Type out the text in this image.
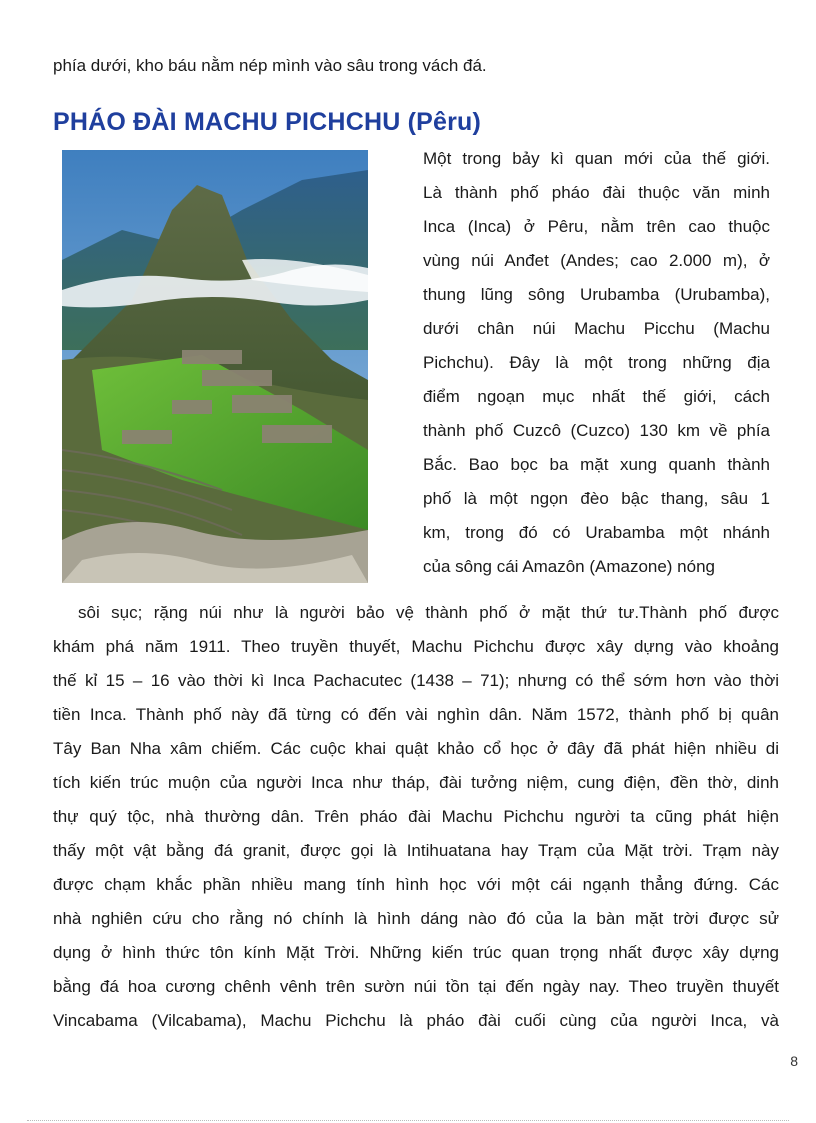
phía dưới, kho báu nằm nép mình vào sâu trong vách đá.
PHÁO ĐÀI MACHU PICHCHU (Pêru)
Một trong bảy kì quan mới của thế giới.
Là thành phố pháo đài thuộc văn minh
Inca (Inca) ở Pêru, nằm trên cao thuộc
vùng núi Anđet (Andes; cao 2.000 m), ở
thung lũng sông Urubamba (Urubamba),
dưới chân núi Machu Picchu (Machu
Pichchu). Đây là một trong những địa
điểm ngoạn mục nhất thế giới, cách
thành phố Cuzcô (Cuzco) 130 km về phía
Bắc. Bao bọc ba mặt xung quanh thành
phố là một ngọn đèo bậc thang, sâu 1
km, trong đó có Urabamba một nhánh
của sông cái Amazôn (Amazone) nóng
sôi sục; rặng núi như là người bảo vệ thành phố ở mặt thứ tư.Thành phố được
khám phá năm 1911. Theo truyền thuyết, Machu Pichchu được xây dựng vào khoảng
thế kỉ 15 – 16 vào thời kì Inca Pachacutec (1438 – 71); nhưng có thể sớm hơn vào thời
tiền Inca. Thành phố này đã từng có đến vài nghìn dân. Năm 1572, thành phố bị quân
Tây Ban Nha xâm chiếm. Các cuộc khai quật khảo cổ học ở đây đã phát hiện nhiều di
tích kiến trúc muộn của người Inca như tháp, đài tưởng niệm, cung điện, đền thờ, dinh
thự quý tộc, nhà thường dân. Trên pháo đài Machu Pichchu người ta cũng phát hiện
thấy một vật bằng đá granit, được gọi là Intihuatana hay Trạm của Mặt trời. Trạm này
được chạm khắc phần nhiều mang tính hình học với một cái ngạnh thẳng đứng. Các
nhà nghiên cứu cho rằng nó chính là hình dáng nào đó của la bàn mặt trời được sử
dụng ở hình thức tôn kính Mặt Trời. Những kiến trúc quan trọng nhất được xây dựng
bằng đá hoa cương chênh vênh trên sườn núi tồn tại đến ngày nay. Theo truyền thuyết
Vincabama (Vilcabama), Machu Pichchu là pháo đài cuối cùng của người Inca, và
8
